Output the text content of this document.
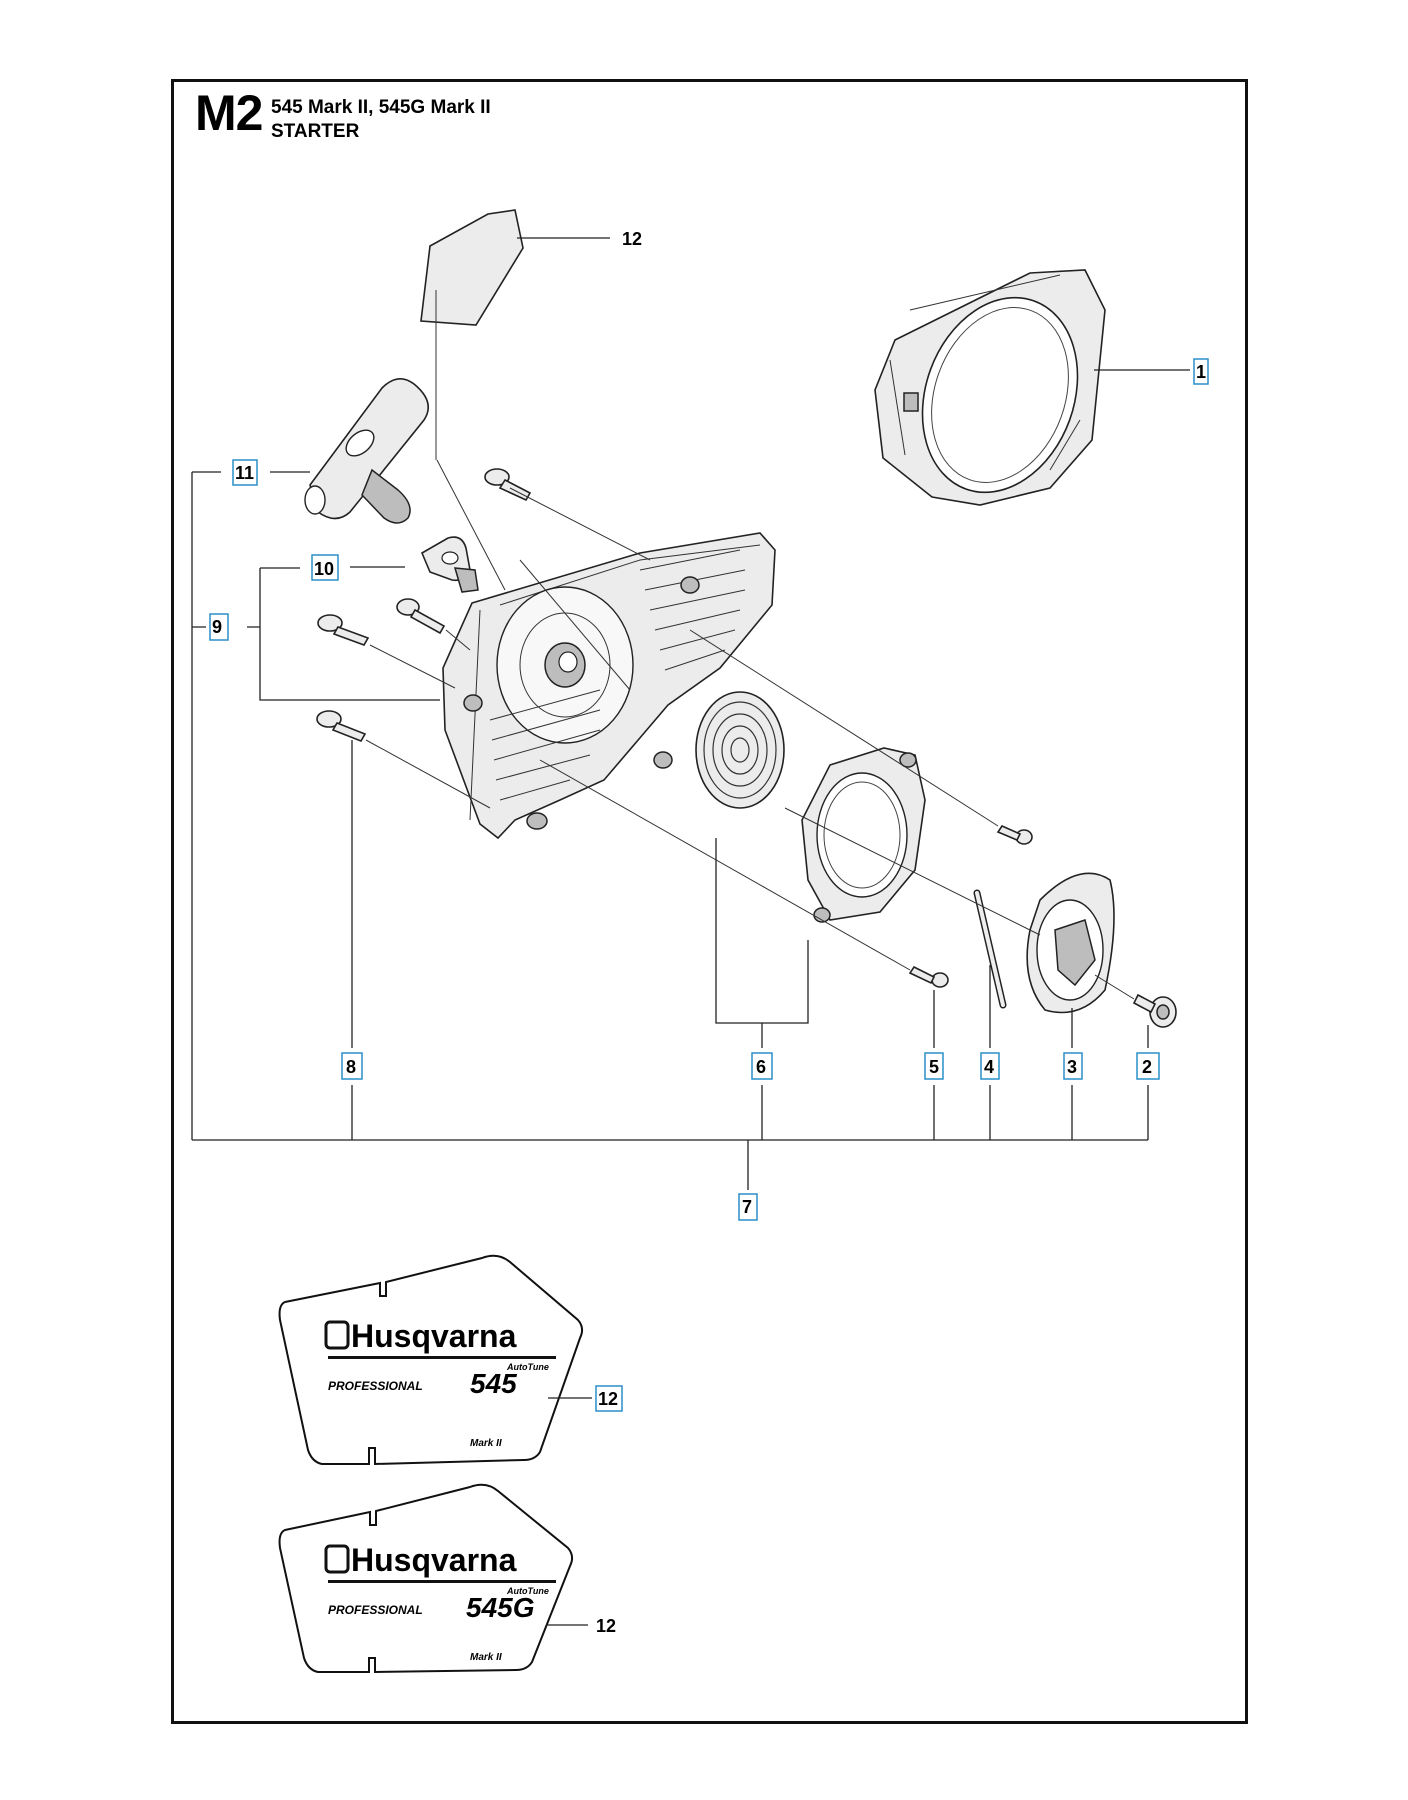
M2 545 Mark II, 545G Mark II
STARTER
12
1
11
10
6	5 4	3	2
8
9
7
Husqvarna
AutoTune
PROFESSIONAL 545
Mark II
12
Husqvarna
AutoTune
PROFESSIONAL 545G
Mark II
12
